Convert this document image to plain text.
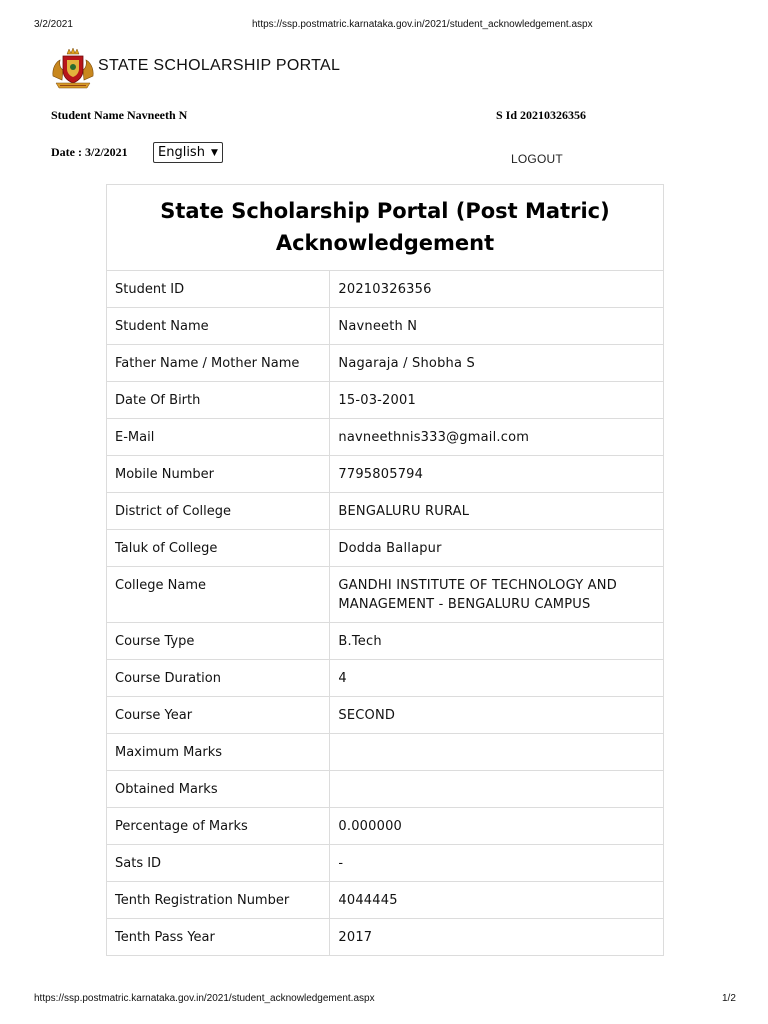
3/2/2021	https://ssp.postmatric.karnataka.gov.in/2021/student_acknowledgement.aspx
STATE SCHOLARSHIP PORTAL
Student Name Navneeth N	S Id 20210326356
Date : 3/2/2021 English ▼	LOGOUT
State Scholarship Portal (Post Matric) Acknowledgement	
Student ID	20210326356
Student Name	Navneeth N
Father Name / Mother Name	Nagaraja / Shobha S
Date Of Birth	15-03-2001
E-Mail	navneethnis333@gmail.com
Mobile Number	7795805794
District of College	BENGALURU RURAL
Taluk of College	Dodda Ballapur
College Name	GANDHI INSTITUTE OF TECHNOLOGY AND MANAGEMENT - BENGALURU CAMPUS
Course Type	B.Tech
Course Duration	4
Course Year	SECOND
Maximum Marks	
Obtained Marks	
Percentage of Marks	0.000000
Sats ID	-
Tenth Registration Number	4044445
Tenth Pass Year	2017
https://ssp.postmatric.karnataka.gov.in/2021/student_acknowledgement.aspx	1/2
